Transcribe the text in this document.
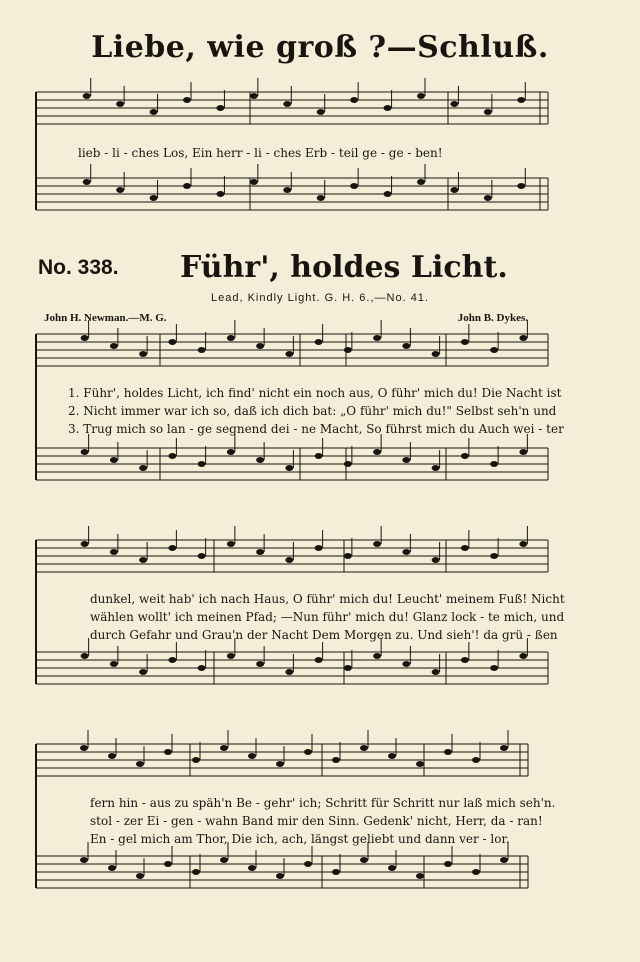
Liebe, wie groß ?—Schluß.
lieb - li - ches Los, Ein herr - li - ches Erb - teil ge - ge - ben!
No. 338. Führ', holdes Licht.
Lead, Kindly Light. G. H. 6.,—No. 41.
John H. Newman.—M. G.	John B. Dykes.
1. Führ', holdes Licht, ich find' nicht ein noch aus, O führ' mich du! Die Nacht ist
2. Nicht immer war ich so, daß ich dich bat: „O führ' mich du!" Selbst seh'n und
3. Trug mich so lan - ge segnend dei - ne Macht, So führst mich du Auch wei - ter
dunkel, weit hab' ich nach Haus, O führ' mich du! Leucht' meinem Fuß! Nicht
wählen wollt' ich meinen Pfad; —Nun führ' mich du! Glanz lock - te mich, und
durch Gefahr und Grau'n der Nacht Dem Morgen zu. Und sieh'! da grü - ßen
fern hin - aus zu späh'n Be - gehr' ich; Schritt für Schritt nur laß mich seh'n.
stol - zer Ei - gen - wahn Band mir den Sinn. Gedenk' nicht, Herr, da - ran!
En - gel mich am Thor, Die ich, ach, längst geliebt und dann ver - lor.
